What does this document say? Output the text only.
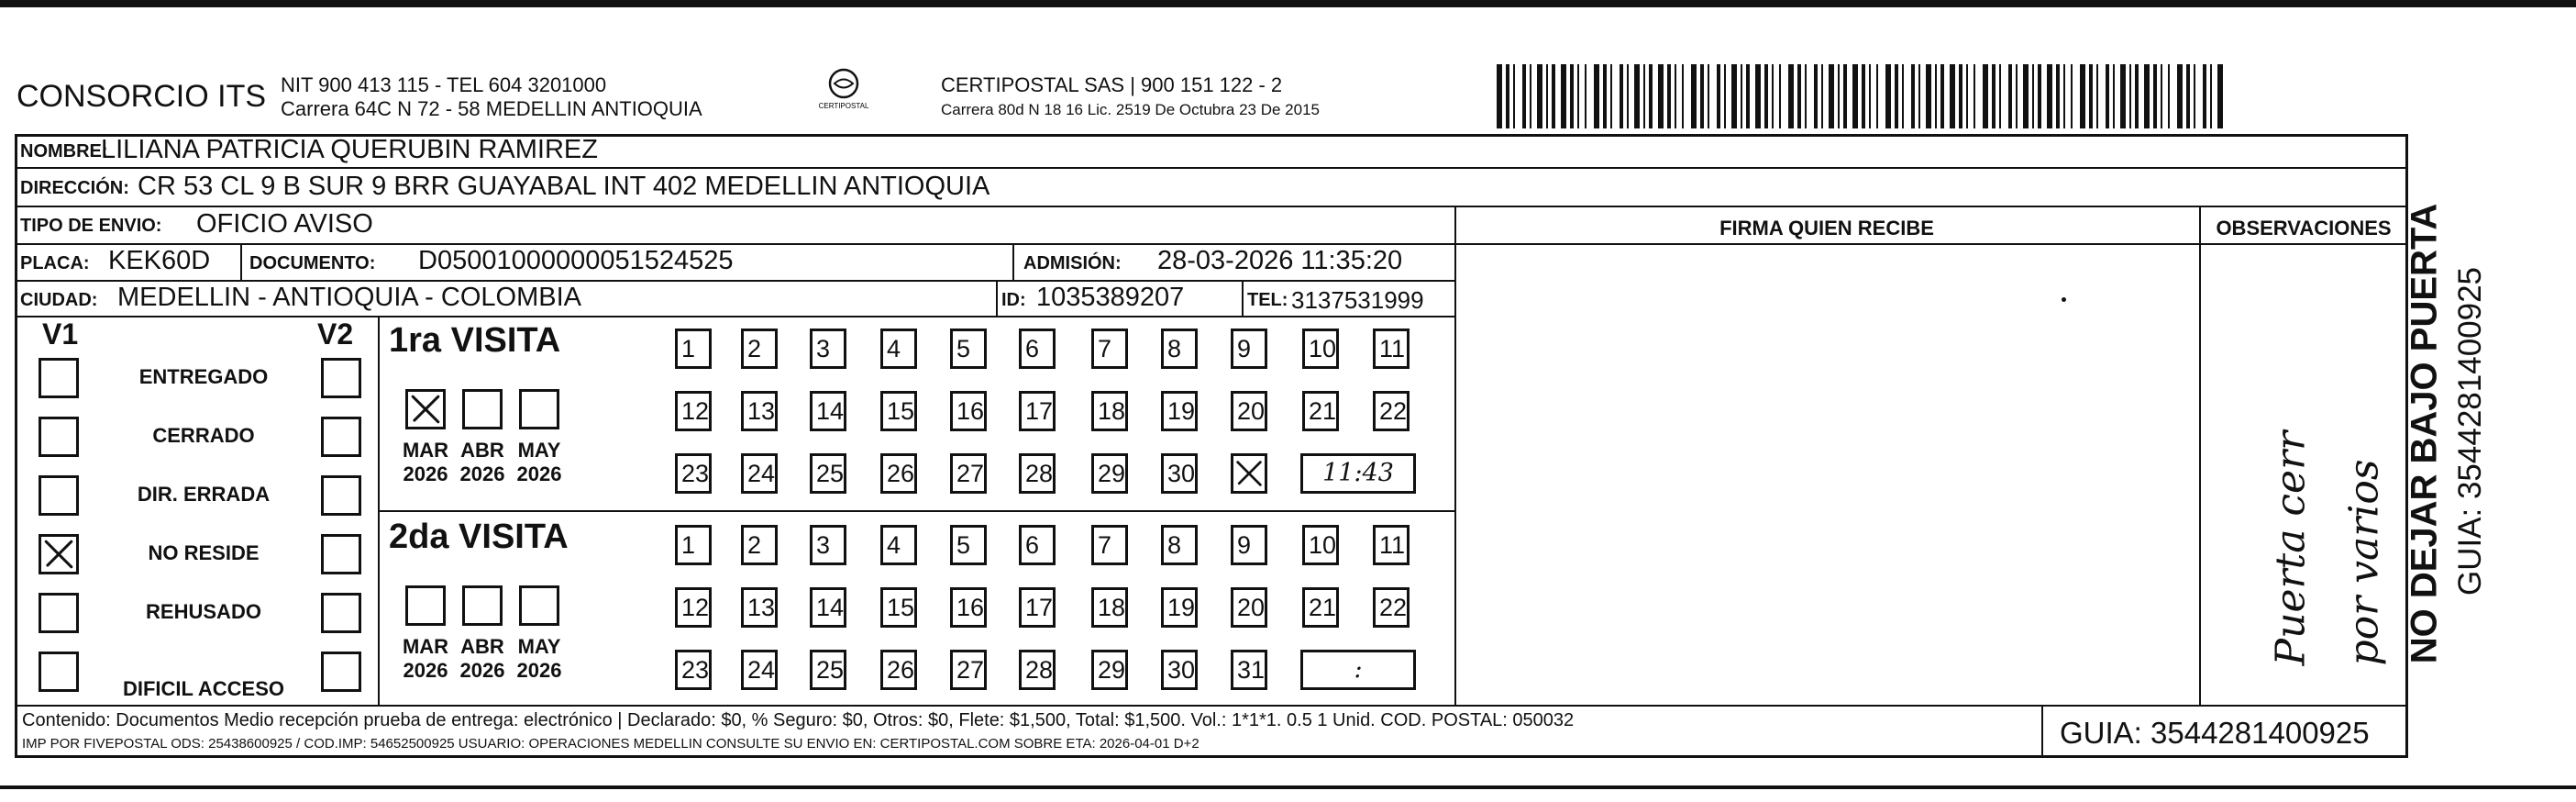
CONSORCIO ITS NIT 900 413 115 - TEL 604 3201000
Carrera 64C N 72 - 58 MEDELLIN ANTIOQUIA	CERTIPOSTAL
CERTIPOSTAL SAS | 900 151 122 - 2
Carrera 80d N 18 16 Lic. 2519 De Octubra 23 De 2015
NOMBRE:
LILIANA PATRICIA QUERUBIN RAMIREZ
DIRECCIÓN: CR 53 CL 9 B SUR 9 BRR GUAYABAL INT 402 MEDELLIN ANTIOQUIA
TIPO DE ENVIO: OFICIO AVISO
PLACA: KEK60D DOCUMENTO: D05001000000051524525	ADMISIÓN: 28-03-2026 11:35:20
CIUDAD: MEDELLIN - ANTIOQUIA - COLOMBIA	ID: 1035389207	TEL: 3137531999
FIRMA QUIEN RECIBE	OBSERVACIONES
Puerta cerr por varios
V1	V2 1ra VISITA
2da VISITA
Contenido: Documentos Medio recepción prueba de entrega: electrónico | Declarado: $0, % Seguro: $0, Otros: $0, Flete: $1,500, Total: $1,500. Vol.: 1*1*1. 0.5 1 Unid. COD. POSTAL: 050032
IMP POR FIVEPOSTAL ODS: 25438600925 / COD.IMP: 54652500925 USUARIO: OPERACIONES MEDELLIN CONSULTE SU ENVIO EN: CERTIPOSTAL.COM SOBRE ETA: 2026-04-01 D+2	GUIA: 3544281400925
NO DEJAR BAJO PUERTA GUIA: 3544281400925
ENTREGADO
CERRADO
DIR. ERRADA
NO RESIDE
REHUSADO
DIFICIL ACCESO
MAR
2026
ABR
2026
MAY
2026
MAR
2026
ABR
2026
MAY
2026
1	2	3	4	5	6	7	8	9	10 11
12 13 14 15 16 17 18 19 20 21 22
23 24 25 26 27 28 29 30	11:43
1	2	3	4	5	6	7	8	9	10 11
12 13 14 15 16 17 18 19 20 21 22
23 24 25 26 27 28 29 30 31	:
